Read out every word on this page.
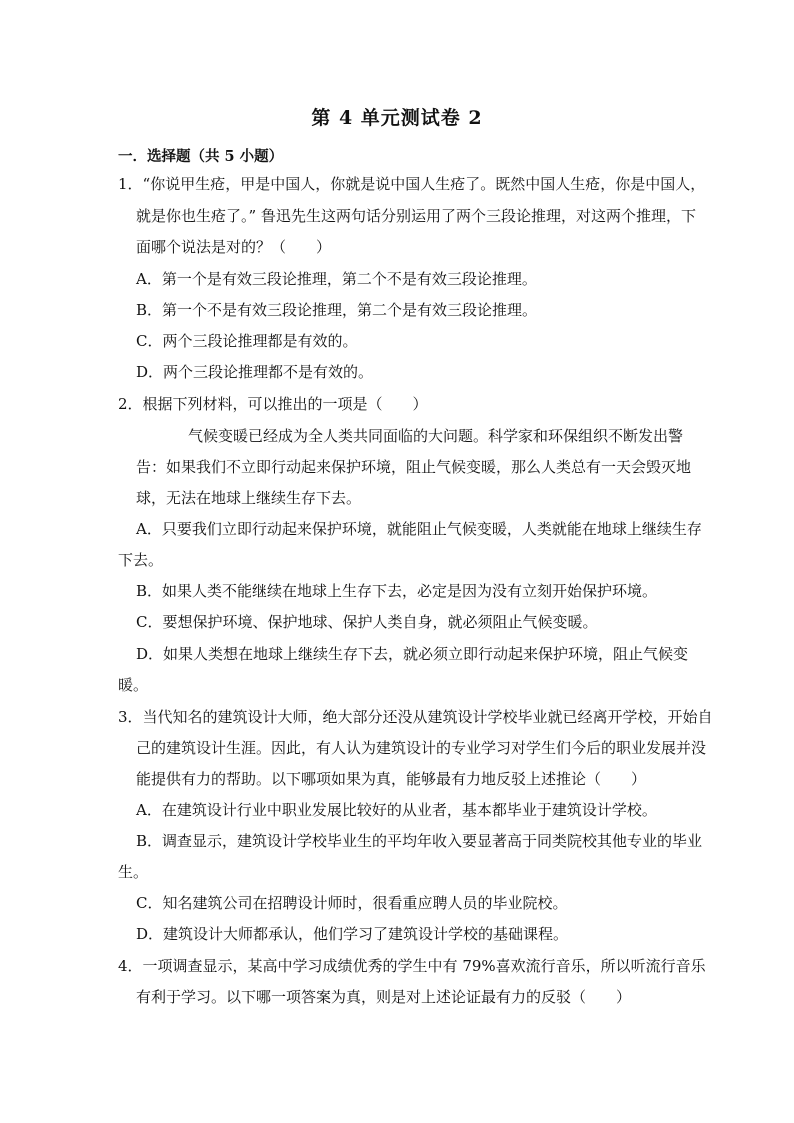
第 4 单元测试卷 2
一．选择题（共 5 小题）
1．“你说甲生疮，甲是中国人，你就是说中国人生疮了。既然中国人生疮，你是中国人，
就是你也生疮了。” 鲁迅先生这两句话分别运用了两个三段论推理，对这两个推理，下
面哪个说法是对的？（　　）
A．第一个是有效三段论推理，第二个不是有效三段论推理。
B．第一个不是有效三段论推理，第二个是有效三段论推理。
C．两个三段论推理都是有效的。
D．两个三段论推理都不是有效的。
2．根据下列材料，可以推出的一项是（　　）
气候变暖已经成为全人类共同面临的大问题。科学家和环保组织不断发出警
告：如果我们不立即行动起来保护环境，阻止气候变暖，那么人类总有一天会毁灭地
球，无法在地球上继续生存下去。
A．只要我们立即行动起来保护环境，就能阻止气候变暖，人类就能在地球上继续生存
下去。
B．如果人类不能继续在地球上生存下去，必定是因为没有立刻开始保护环境。
C．要想保护环境、保护地球、保护人类自身，就必须阻止气候变暖。
D．如果人类想在地球上继续生存下去，就必须立即行动起来保护环境，阻止气候变
暖。
3．当代知名的建筑设计大师，绝大部分还没从建筑设计学校毕业就已经离开学校，开始自
己的建筑设计生涯。因此，有人认为建筑设计的专业学习对学生们今后的职业发展并没
能提供有力的帮助。以下哪项如果为真，能够最有力地反驳上述推论（　　）
A．在建筑设计行业中职业发展比较好的从业者，基本都毕业于建筑设计学校。
B．调查显示，建筑设计学校毕业生的平均年收入要显著高于同类院校其他专业的毕业
生。
C．知名建筑公司在招聘设计师时，很看重应聘人员的毕业院校。
D．建筑设计大师都承认，他们学习了建筑设计学校的基础课程。
4．一项调查显示，某高中学习成绩优秀的学生中有 79%喜欢流行音乐，所以听流行音乐
有利于学习。以下哪一项答案为真，则是对上述论证最有力的反驳（　　）
